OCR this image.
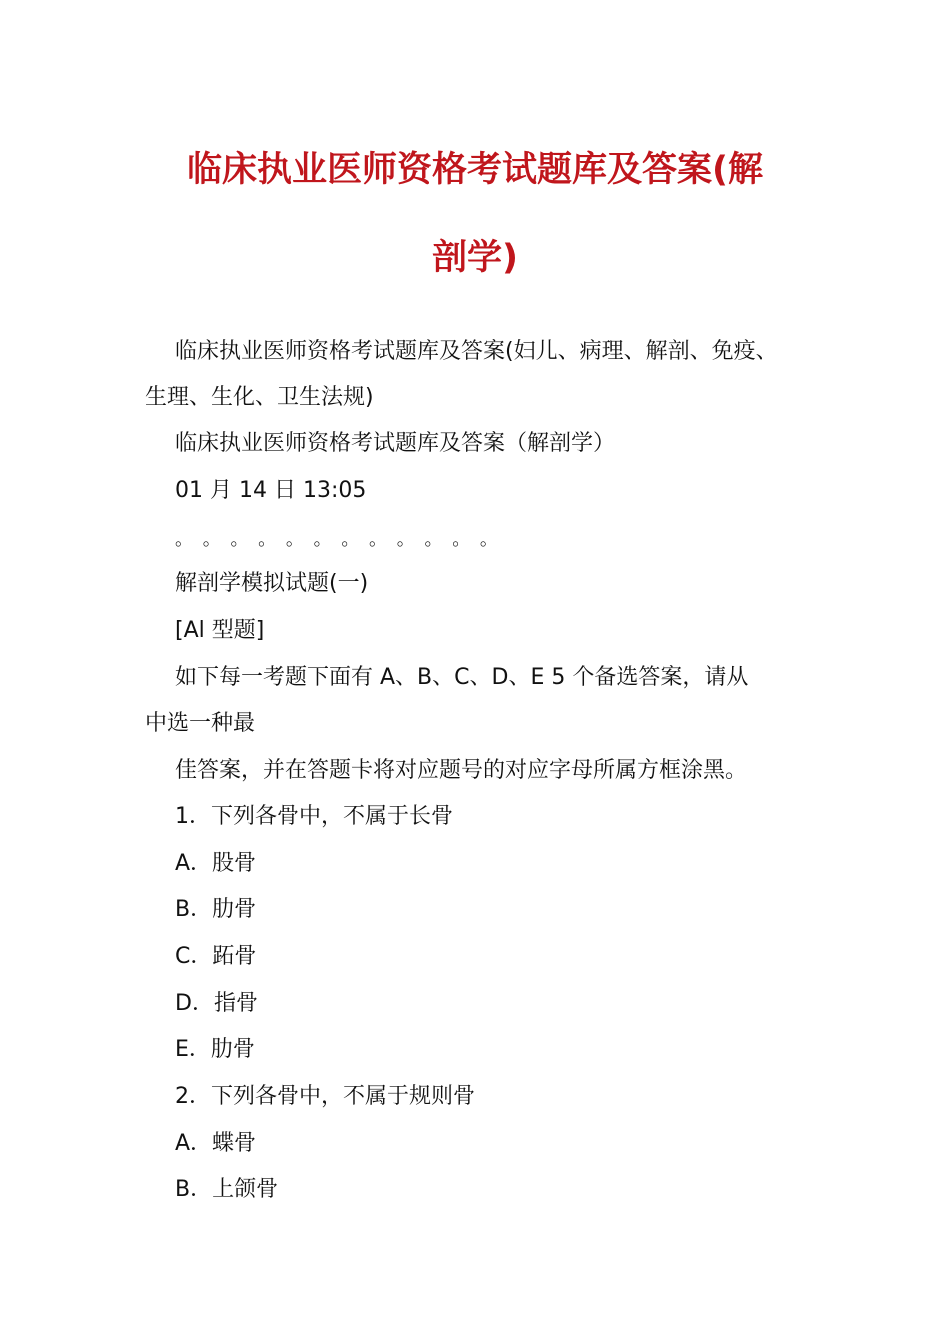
临床执业医师资格考试题库及答案(解
剖学)
临床执业医师资格考试题库及答案(妇儿、病理、解剖、免疫、
生理、生化、卫生法规)
临床执业医师资格考试题库及答案（解剖学）
01 月 14 日 13:05
。 。 。 。 。 。 。 。 。 。 。 。
解剖学模拟试题(一)
[Al 型题]
如下每一考题下面有 A、B、C、D、E 5 个备选答案，请从
中选一种最
佳答案，并在答题卡将对应题号的对应字母所属方框涂黑。
1．下列各骨中，不属于长骨
A．股骨
B．肋骨
C．跖骨
D．指骨
E．肋骨
2．下列各骨中，不属于规则骨
A．蝶骨
B．上颌骨
